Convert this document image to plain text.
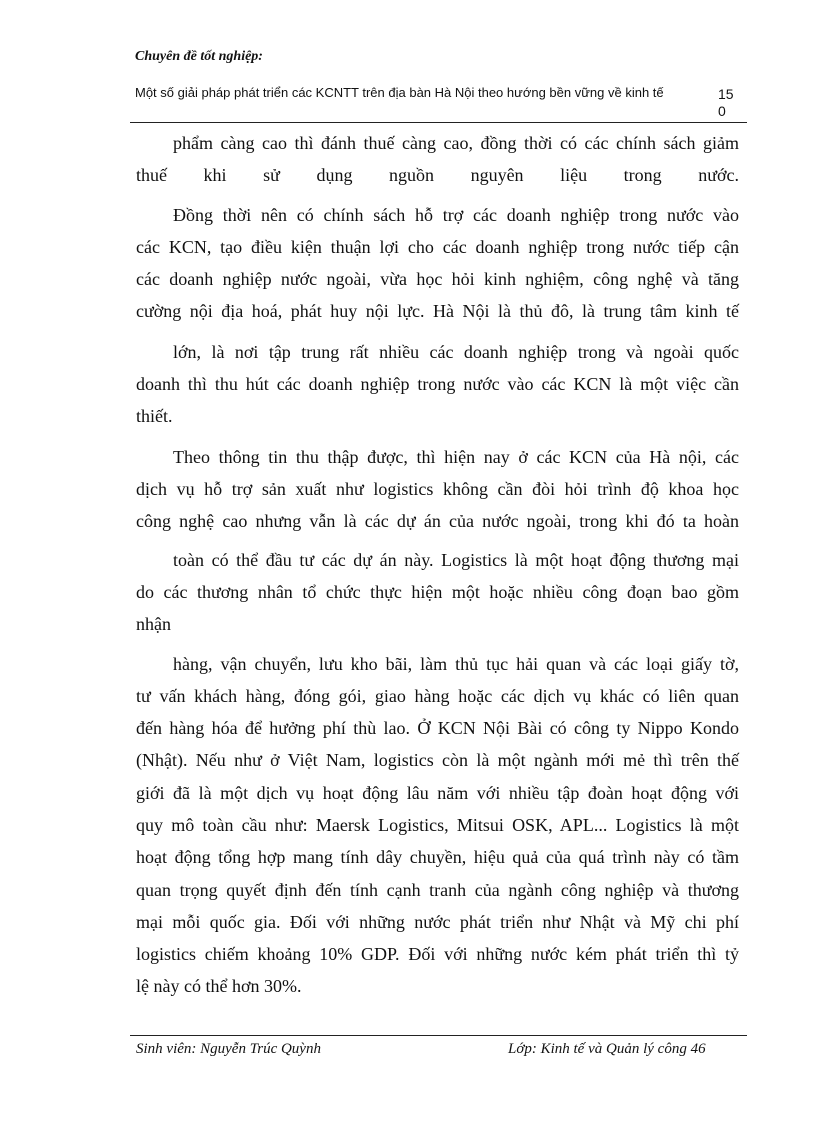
Chuyên đề tốt nghiệp:
Một số giải pháp phát triển các KCNTT trên địa bàn Hà Nội theo hướng bền vững về kinh tế	15
0
phẩm càng cao thì đánh thuế càng cao, đồng thời có các chính sách giảm
thuế khi sử dụng nguồn nguyên liệu trong nước.
Đồng thời nên có chính sách hỗ trợ các doanh nghiệp trong nước vào
các KCN, tạo điều kiện thuận lợi cho các doanh nghiệp trong nước tiếp cận
các doanh nghiệp nước ngoài, vừa học hỏi kinh nghiệm, công nghệ và tăng
cường nội địa hoá, phát huy nội lực. Hà Nội là thủ đô, là trung tâm kinh tế
lớn, là nơi tập trung rất nhiều các doanh nghiệp trong và ngoài quốc
doanh thì thu hút các doanh nghiệp trong nước vào các KCN là một việc cần
thiết.
Theo thông tin thu thập được, thì hiện nay ở các KCN của Hà nội, các
dịch vụ hỗ trợ sản xuất như logistics không cần đòi hỏi trình độ khoa học
công nghệ cao nhưng vẫn là các dự án của nước ngoài, trong khi đó ta hoàn
toàn có thể đầu tư các dự án này. Logistics là một hoạt động thương mại
do các thương nhân tổ chức thực hiện một hoặc nhiều công đoạn bao gồm
nhận
hàng, vận chuyển, lưu kho bãi, làm thủ tục hải quan và các loại giấy tờ,
tư vấn khách hàng, đóng gói, giao hàng hoặc các dịch vụ khác có liên quan
đến hàng hóa để hưởng phí thù lao. Ở KCN Nội Bài có công ty Nippo Kondo
(Nhật). Nếu như ở Việt Nam, logistics còn là một ngành mới mẻ thì trên thế
giới đã là một dịch vụ hoạt động lâu năm với nhiều tập đoàn hoạt động với
quy mô toàn cầu như: Maersk Logistics, Mitsui OSK, APL... Logistics là một
hoạt động tổng hợp mang tính dây chuyền, hiệu quả của quá trình này có tầm
quan trọng quyết định đến tính cạnh tranh của ngành công nghiệp và thương
mại mỗi quốc gia. Đối với những nước phát triển như Nhật và Mỹ chi phí
logistics chiếm khoảng 10% GDP. Đối với những nước kém phát triển thì tỷ
lệ này có thể hơn 30%.
Sinh viên: Nguyễn Trúc Quỳnh	Lớp: Kinh tế và Quản lý công 46
